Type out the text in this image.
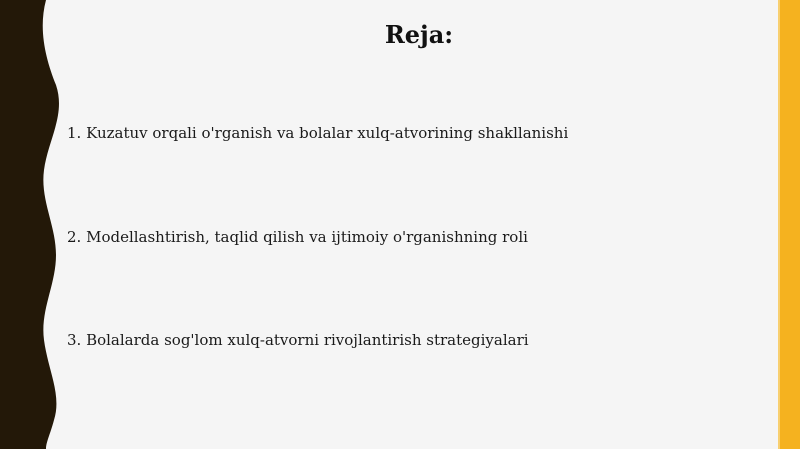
Reja:
1. Kuzatuv orqali o'rganish va bolalar xulq-atvorining shakllanishi
2. Modellashtirish, taqlid qilish va ijtimoiy o'rganishning roli
3. Bolalarda sog'lom xulq-atvorni rivojlantirish strategiyalari
